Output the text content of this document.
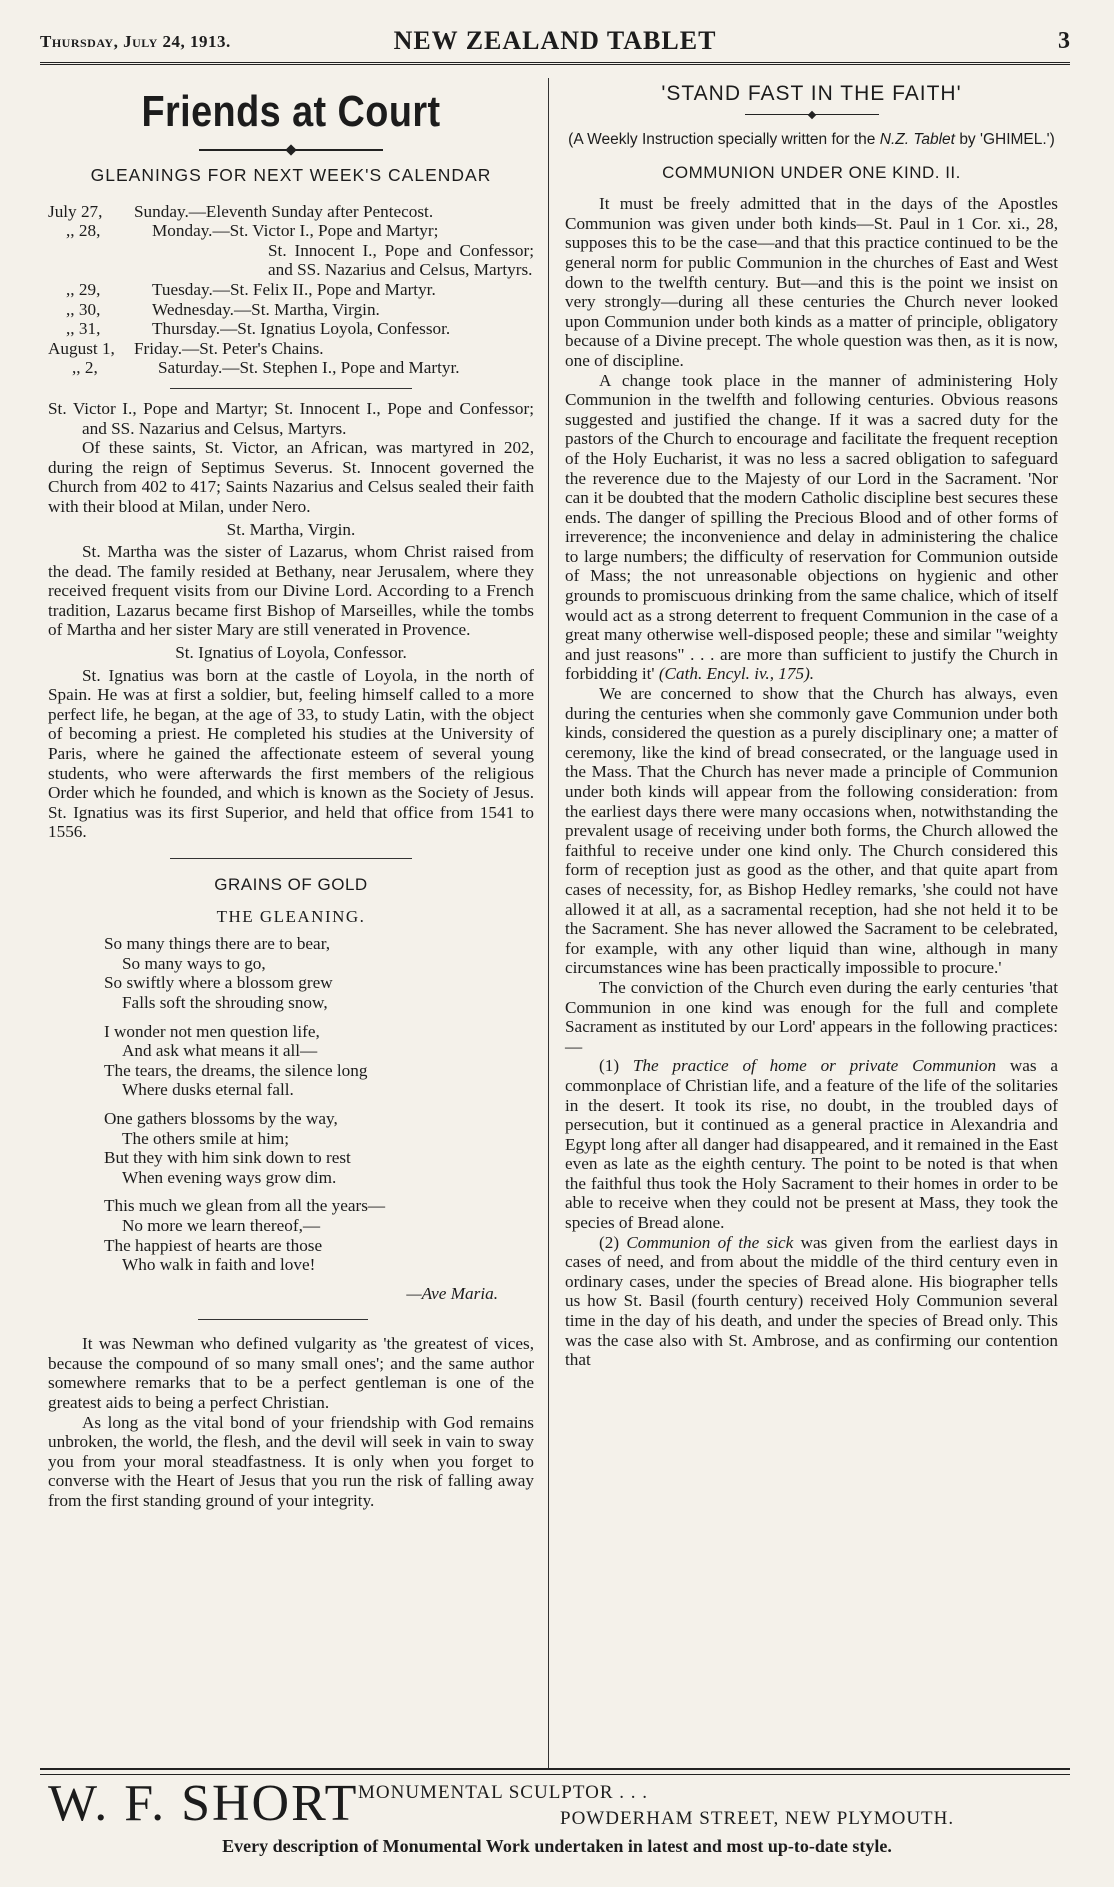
Thursday, July 24, 1913.	NEW ZEALAND TABLET	3
Friends at Court
GLEANINGS FOR NEXT WEEK'S CALENDAR
July 27,	Sunday.—Eleventh Sunday after Pentecost.
,, 28,	Monday.—St. Victor I., Pope and Martyr;
St. Innocent I., Pope and Confessor; and SS. Nazarius and Celsus, Martyrs.
,, 29,	Tuesday.—St. Felix II., Pope and Martyr.
,, 30,	Wednesday.—St. Martha, Virgin.
,, 31,	Thursday.—St. Ignatius Loyola, Confessor.
August 1,	Friday.—St. Peter's Chains.
,, 2,	Saturday.—St. Stephen I., Pope and Martyr.

St. Victor I., Pope and Martyr; St. Innocent I., Pope and Confessor; and SS. Nazarius and Celsus, Martyrs.

Of these saints, St. Victor, an African, was martyred in 202, during the reign of Septimus Severus. St. Innocent governed the Church from 402 to 417; Saints Nazarius and Celsus sealed their faith with their blood at Milan, under Nero.

St. Martha, Virgin.

St. Martha was the sister of Lazarus, whom Christ raised from the dead. The family resided at Bethany, near Jerusalem, where they received frequent visits from our Divine Lord. According to a French tradition, Lazarus became first Bishop of Marseilles, while the tombs of Martha and her sister Mary are still venerated in Provence.

St. Ignatius of Loyola, Confessor.

St. Ignatius was born at the castle of Loyola, in the north of Spain. He was at first a soldier, but, feeling himself called to a more perfect life, he began, at the age of 33, to study Latin, with the object of becoming a priest. He completed his studies at the University of Paris, where he gained the affectionate esteem of several young students, who were afterwards the first members of the religious Order which he founded, and which is known as the Society of Jesus. St. Ignatius was its first Superior, and held that office from 1541 to 1556.

GRAINS OF GOLD
THE GLEANING.
So many things there are to bear,
So many ways to go,
So swiftly where a blossom grew
Falls soft the shrouding snow,
I wonder not men question life,
And ask what means it all—
The tears, the dreams, the silence long
Where dusks eternal fall.
One gathers blossoms by the way,
The others smile at him;
But they with him sink down to rest
When evening ways grow dim.
This much we glean from all the years—
No more we learn thereof,—
The happiest of hearts are those
Who walk in faith and love!
—Ave Maria.

It was Newman who defined vulgarity as 'the greatest of vices, because the compound of so many small ones'; and the same author somewhere remarks that to be a perfect gentleman is one of the greatest aids to being a perfect Christian.

As long as the vital bond of your friendship with God remains unbroken, the world, the flesh, and the devil will seek in vain to sway you from your moral steadfastness. It is only when you forget to converse with the Heart of Jesus that you run the risk of falling away from the first standing ground of your integrity.

'STAND FAST IN THE FAITH'
(A Weekly Instruction specially written for the N.Z. Tablet by 'GHIMEL.')
COMMUNION UNDER ONE KIND. II.

It must be freely admitted that in the days of the Apostles Communion was given under both kinds—St. Paul in 1 Cor. xi., 28, supposes this to be the case—and that this practice continued to be the general norm for public Communion in the churches of East and West down to the twelfth century. But—and this is the point we insist on very strongly—during all these centuries the Church never looked upon Communion under both kinds as a matter of principle, obligatory because of a Divine precept. The whole question was then, as it is now, one of discipline.

A change took place in the manner of administering Holy Communion in the twelfth and following centuries. Obvious reasons suggested and justified the change. If it was a sacred duty for the pastors of the Church to encourage and facilitate the frequent reception of the Holy Eucharist, it was no less a sacred obligation to safeguard the reverence due to the Majesty of our Lord in the Sacrament. 'Nor can it be doubted that the modern Catholic discipline best secures these ends. The danger of spilling the Precious Blood and of other forms of irreverence; the inconvenience and delay in administering the chalice to large numbers; the difficulty of reservation for Communion outside of Mass; the not unreasonable objections on hygienic and other grounds to promiscuous drinking from the same chalice, which of itself would act as a strong deterrent to frequent Communion in the case of a great many otherwise well-disposed people; these and similar "weighty and just reasons" . . . are more than sufficient to justify the Church in forbidding it' (Cath. Encyl. iv., 175).

We are concerned to show that the Church has always, even during the centuries when she commonly gave Communion under both kinds, considered the question as a purely disciplinary one; a matter of ceremony, like the kind of bread consecrated, or the language used in the Mass. That the Church has never made a principle of Communion under both kinds will appear from the following consideration: from the earliest days there were many occasions when, notwithstanding the prevalent usage of receiving under both forms, the Church allowed the faithful to receive under one kind only. The Church considered this form of reception just as good as the other, and that quite apart from cases of necessity, for, as Bishop Hedley remarks, 'she could not have allowed it at all, as a sacramental reception, had she not held it to be the Sacrament. She has never allowed the Sacrament to be celebrated, for example, with any other liquid than wine, although in many circumstances wine has been practically impossible to procure.'

The conviction of the Church even during the early centuries 'that Communion in one kind was enough for the full and complete Sacrament as instituted by our Lord' appears in the following practices:—

(1) The practice of home or private Communion was a commonplace of Christian life, and a feature of the life of the solitaries in the desert. It took its rise, no doubt, in the troubled days of persecution, but it continued as a general practice in Alexandria and Egypt long after all danger had disappeared, and it remained in the East even as late as the eighth century. The point to be noted is that when the faithful thus took the Holy Sacrament to their homes in order to be able to receive when they could not be present at Mass, they took the species of Bread alone.

(2) Communion of the sick was given from the earliest days in cases of need, and from about the middle of the third century even in ordinary cases, under the species of Bread alone. His biographer tells us how St. Basil (fourth century) received Holy Communion several time in the day of his death, and under the species of Bread only. This was the case also with St. Ambrose, and as confirming our contention that

W. F. SHORT MONUMENTAL SCULPTOR . . .
POWDERHAM STREET, NEW PLYMOUTH.
Every description of Monumental Work undertaken in latest and most up-to-date style.
